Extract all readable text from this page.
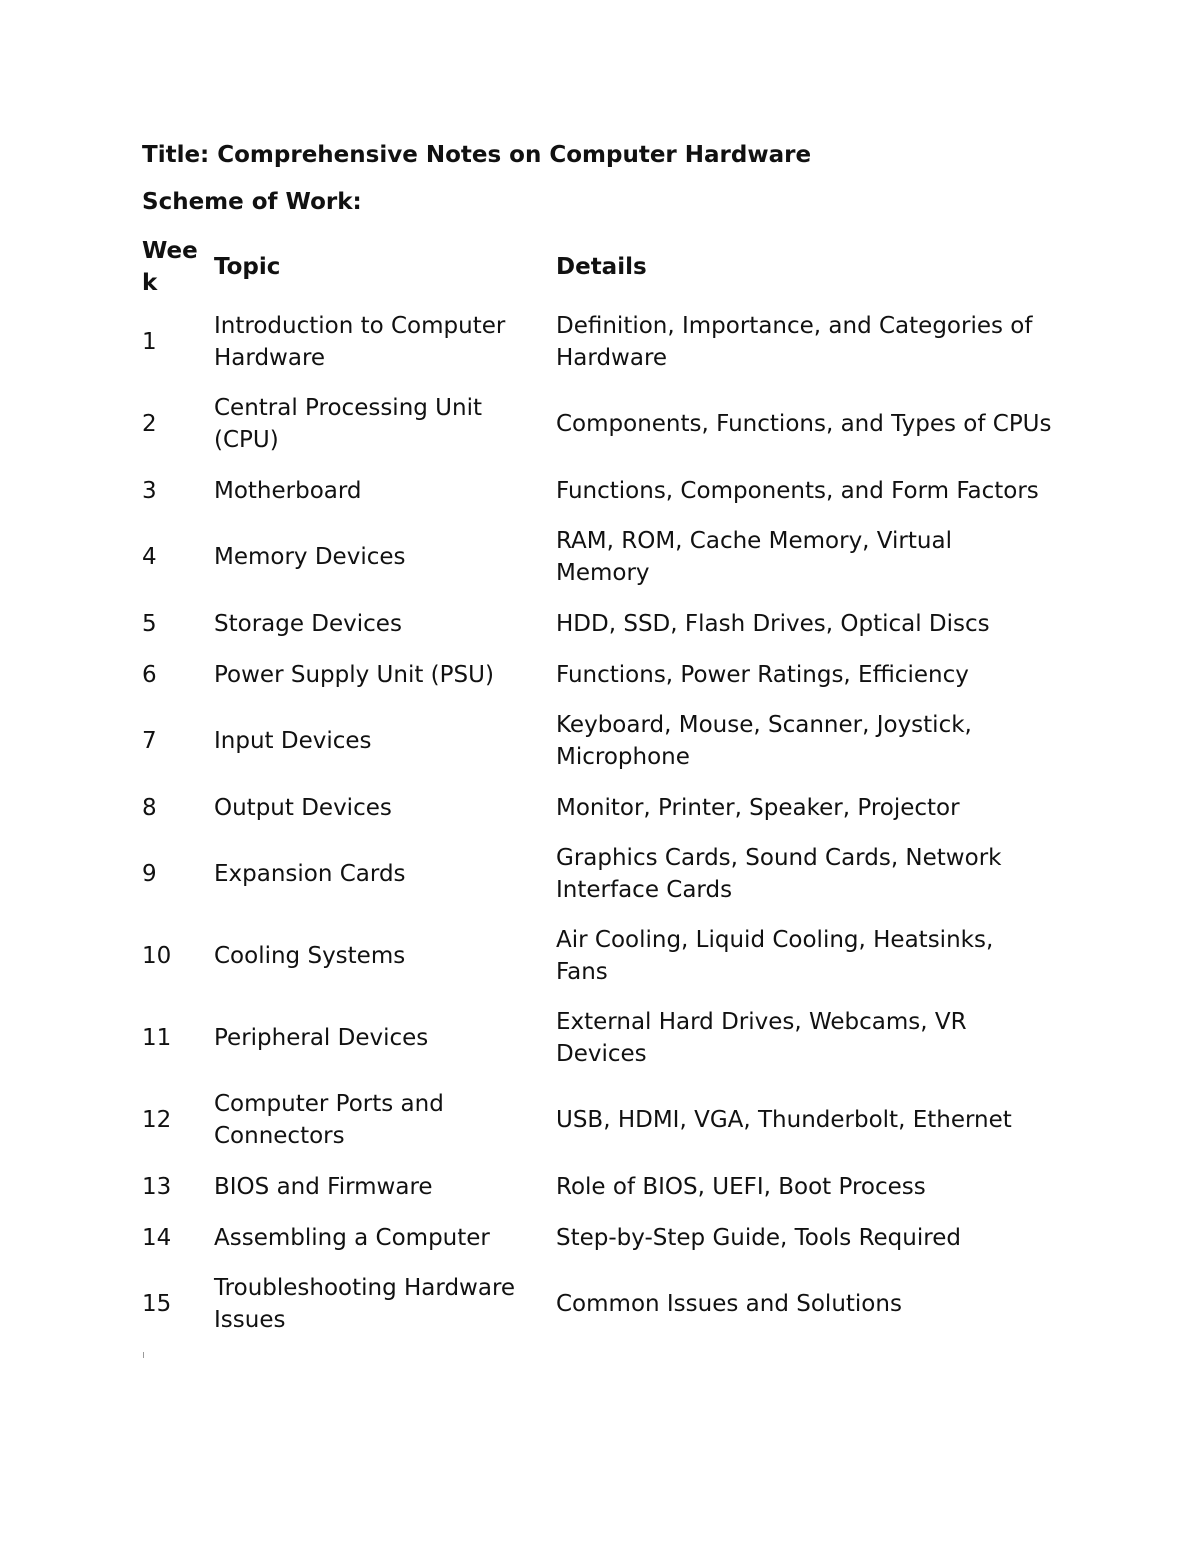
Title: Comprehensive Notes on Computer Hardware

Scheme of Work:

Week	Topic	Details
1	Introduction to Computer Hardware	Definition, Importance, and Categories of Hardware
2	Central Processing Unit (CPU)	Components, Functions, and Types of CPUs
3	Motherboard	Functions, Components, and Form Factors
4	Memory Devices	RAM, ROM, Cache Memory, Virtual Memory
5	Storage Devices	HDD, SSD, Flash Drives, Optical Discs
6	Power Supply Unit (PSU)	Functions, Power Ratings, Efficiency
7	Input Devices	Keyboard, Mouse, Scanner, Joystick, Microphone
8	Output Devices	Monitor, Printer, Speaker, Projector
9	Expansion Cards	Graphics Cards, Sound Cards, Network Interface Cards
10	Cooling Systems	Air Cooling, Liquid Cooling, Heatsinks, Fans
11	Peripheral Devices	External Hard Drives, Webcams, VR Devices
12	Computer Ports and Connectors	USB, HDMI, VGA, Thunderbolt, Ethernet
13	BIOS and Firmware	Role of BIOS, UEFI, Boot Process
14	Assembling a Computer	Step-by-Step Guide, Tools Required
15	Troubleshooting Hardware Issues	Common Issues and Solutions
